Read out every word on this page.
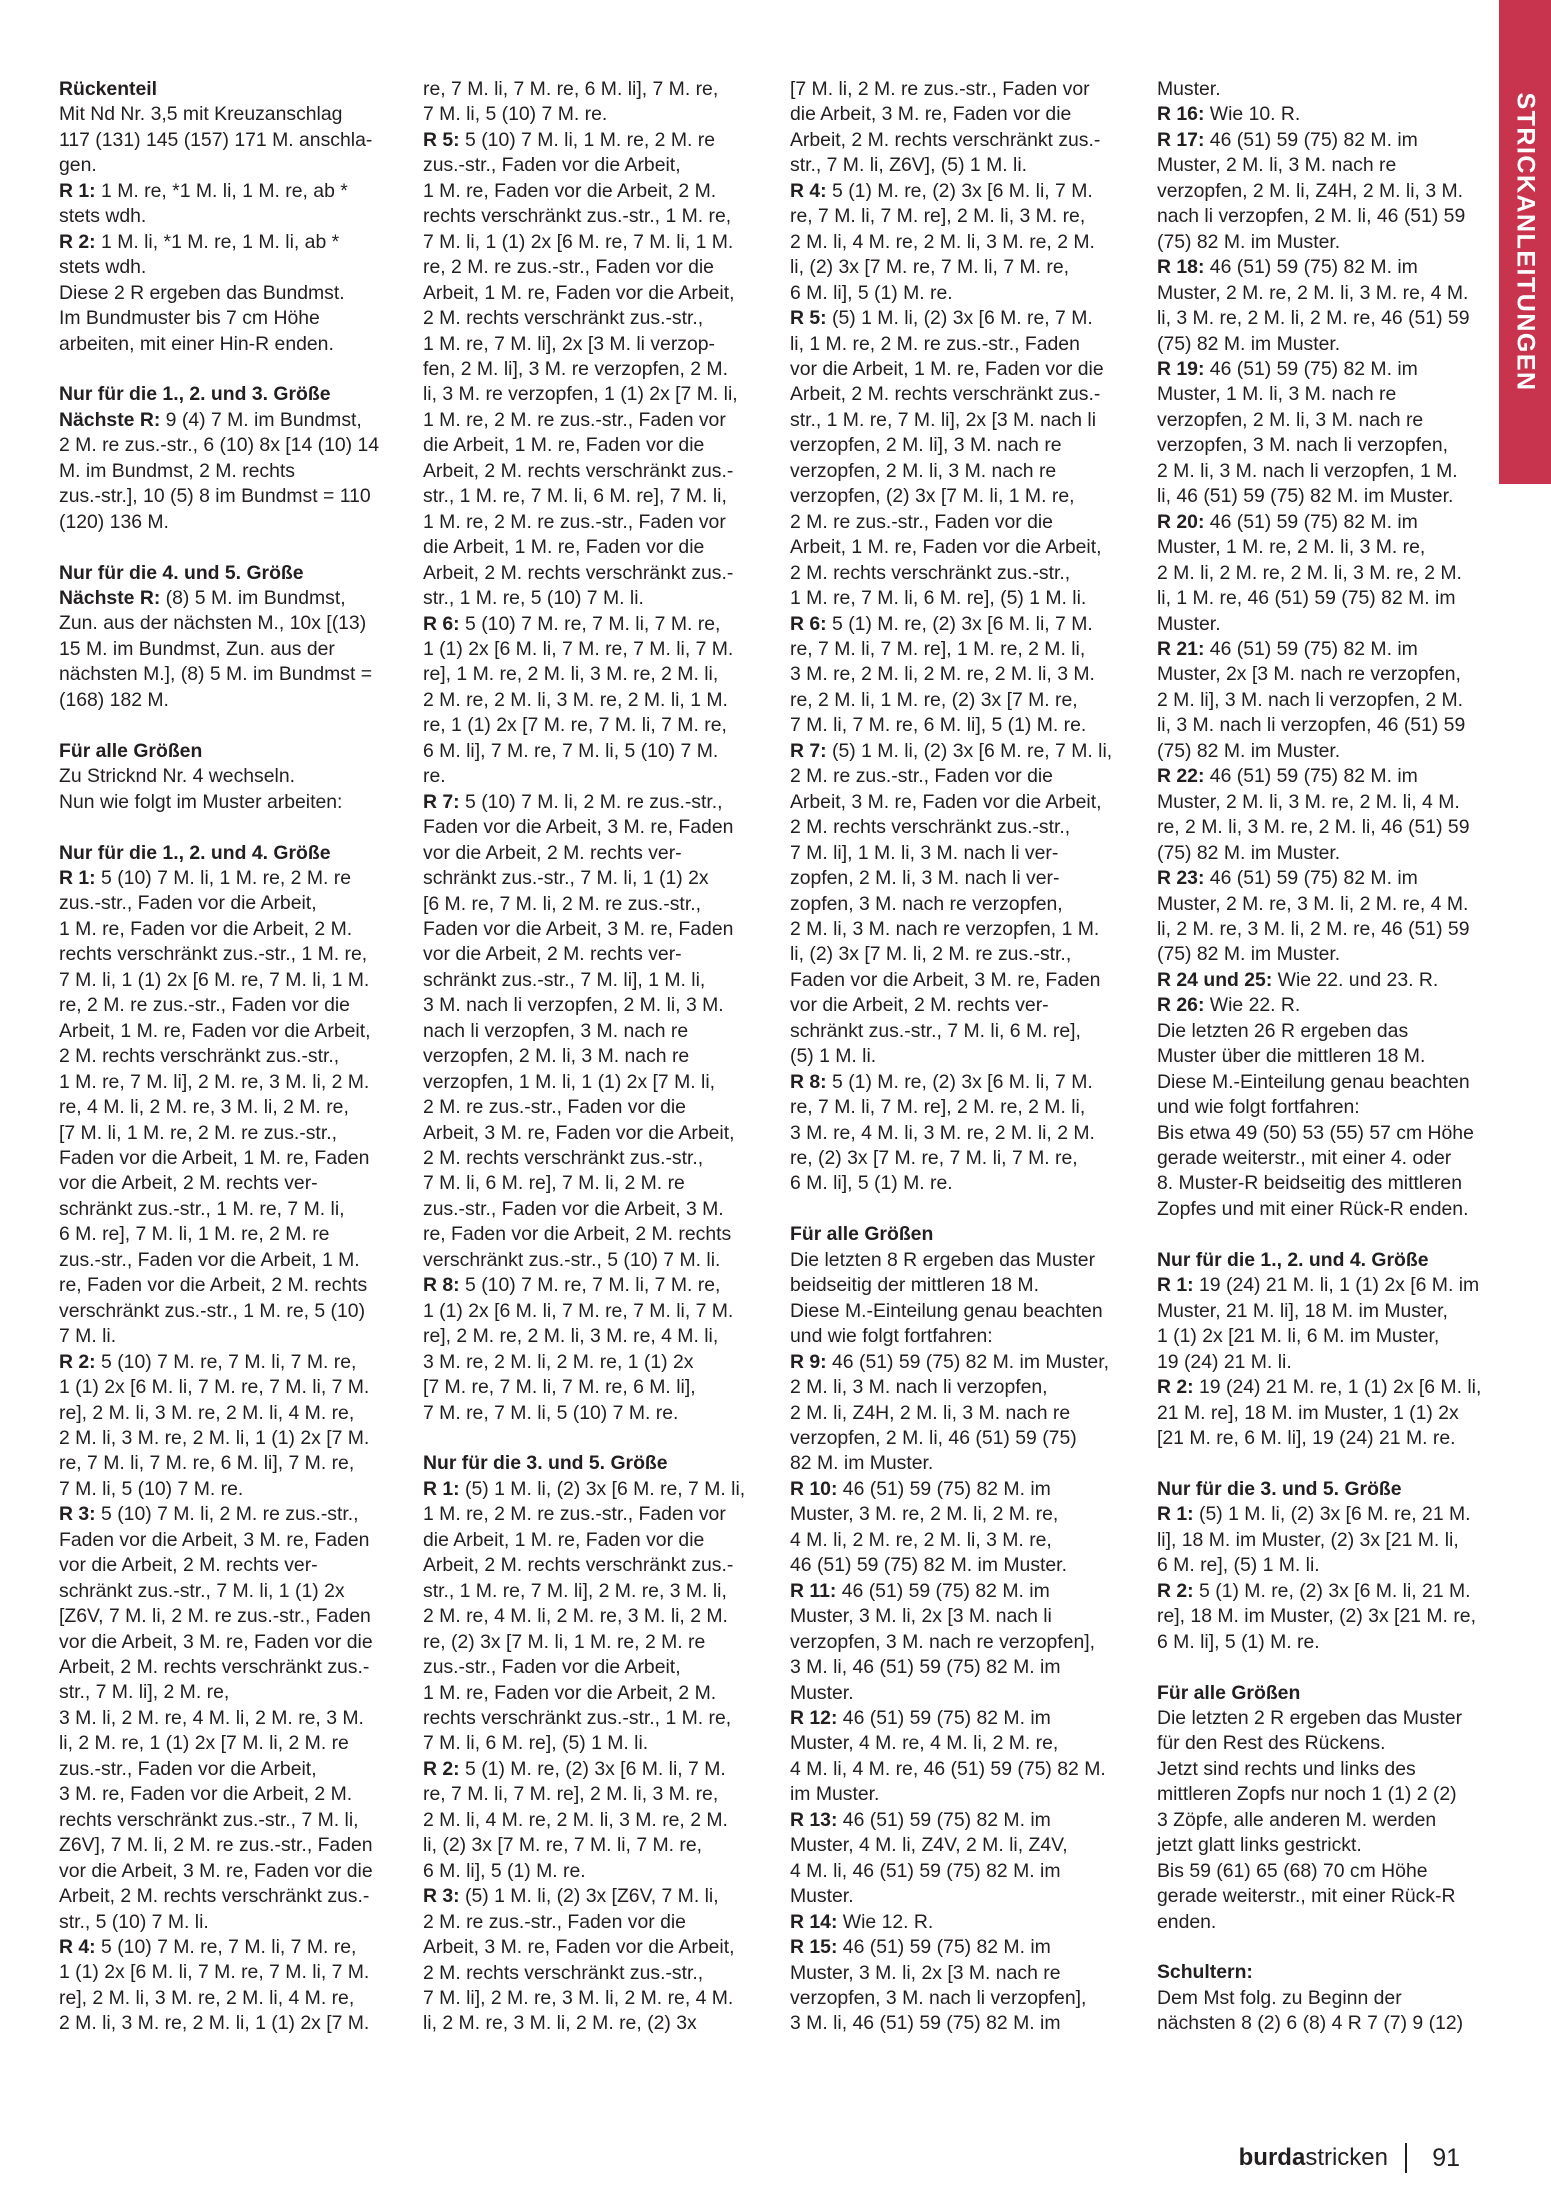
STRICKANLEITUNGEN

Rückenteil

Mit Nd Nr. 3,5 mit Kreuzanschlag

117 (131) 145 (157) 171 M. anschla-

gen.

R 1: 1 M. re, *1 M. li, 1 M. re, ab *

stets wdh.

R 2: 1 M. li, *1 M. re, 1 M. li, ab *

stets wdh.

Diese 2 R ergeben das Bundmst.

Im Bundmuster bis 7 cm Höhe

arbeiten, mit einer Hin-R enden.

Nur für die 1., 2. und 3. Größe

Nächste R: 9 (4) 7 M. im Bundmst,

2 M. re zus.-str., 6 (10) 8x [14 (10) 14

M. im Bundmst, 2 M. rechts

zus.-str.], 10 (5) 8 im Bundmst = 110

(120) 136 M.

Nur für die 4. und 5. Größe

Nächste R: (8) 5 M. im Bundmst,

Zun. aus der nächsten M., 10x [(13)

15 M. im Bundmst, Zun. aus der

nächsten M.], (8) 5 M. im Bundmst =

(168) 182 M.

Für alle Größen

Zu Stricknd Nr. 4 wechseln.

Nun wie folgt im Muster arbeiten:

Nur für die 1., 2. und 4. Größe

R 1: 5 (10) 7 M. li, 1 M. re, 2 M. re

zus.-str., Faden vor die Arbeit,

1 M. re, Faden vor die Arbeit, 2 M.

rechts verschränkt zus.-str., 1 M. re,

7 M. li, 1 (1) 2x [6 M. re, 7 M. li, 1 M.

re, 2 M. re zus.-str., Faden vor die

Arbeit, 1 M. re, Faden vor die Arbeit,

2 M. rechts verschränkt zus.-str.,

1 M. re, 7 M. li], 2 M. re, 3 M. li, 2 M.

re, 4 M. li, 2 M. re, 3 M. li, 2 M. re,

[7 M. li, 1 M. re, 2 M. re zus.-str.,

Faden vor die Arbeit, 1 M. re, Faden

vor die Arbeit, 2 M. rechts ver-

schränkt zus.-str., 1 M. re, 7 M. li,

6 M. re], 7 M. li, 1 M. re, 2 M. re

zus.-str., Faden vor die Arbeit, 1 M.

re, Faden vor die Arbeit, 2 M. rechts

verschränkt zus.-str., 1 M. re, 5 (10)

7 M. li.

R 2: 5 (10) 7 M. re, 7 M. li, 7 M. re,

1 (1) 2x [6 M. li, 7 M. re, 7 M. li, 7 M.

re], 2 M. li, 3 M. re, 2 M. li, 4 M. re,

2 M. li, 3 M. re, 2 M. li, 1 (1) 2x [7 M.

re, 7 M. li, 7 M. re, 6 M. li], 7 M. re,

7 M. li, 5 (10) 7 M. re.

R 3: 5 (10) 7 M. li, 2 M. re zus.-str.,

Faden vor die Arbeit, 3 M. re, Faden

vor die Arbeit, 2 M. rechts ver-

schränkt zus.-str., 7 M. li, 1 (1) 2x

[Z6V, 7 M. li, 2 M. re zus.-str., Faden

vor die Arbeit, 3 M. re, Faden vor die

Arbeit, 2 M. rechts verschränkt zus.-

str., 7 M. li], 2 M. re,

3 M. li, 2 M. re, 4 M. li, 2 M. re, 3 M.

li, 2 M. re, 1 (1) 2x [7 M. li, 2 M. re

zus.-str., Faden vor die Arbeit,

3 M. re, Faden vor die Arbeit, 2 M.

rechts verschränkt zus.-str., 7 M. li,

Z6V], 7 M. li, 2 M. re zus.-str., Faden

vor die Arbeit, 3 M. re, Faden vor die

Arbeit, 2 M. rechts verschränkt zus.-

str., 5 (10) 7 M. li.

R 4: 5 (10) 7 M. re, 7 M. li, 7 M. re,

1 (1) 2x [6 M. li, 7 M. re, 7 M. li, 7 M.

re], 2 M. li, 3 M. re, 2 M. li, 4 M. re,

2 M. li, 3 M. re, 2 M. li, 1 (1) 2x [7 M.

re, 7 M. li, 7 M. re, 6 M. li], 7 M. re,

7 M. li, 5 (10) 7 M. re.

R 5: 5 (10) 7 M. li, 1 M. re, 2 M. re

zus.-str., Faden vor die Arbeit,

1 M. re, Faden vor die Arbeit, 2 M.

rechts verschränkt zus.-str., 1 M. re,

7 M. li, 1 (1) 2x [6 M. re, 7 M. li, 1 M.

re, 2 M. re zus.-str., Faden vor die

Arbeit, 1 M. re, Faden vor die Arbeit,

2 M. rechts verschränkt zus.-str.,

1 M. re, 7 M. li], 2x [3 M. li verzop-

fen, 2 M. li], 3 M. re verzopfen, 2 M.

li, 3 M. re verzopfen, 1 (1) 2x [7 M. li,

1 M. re, 2 M. re zus.-str., Faden vor

die Arbeit, 1 M. re, Faden vor die

Arbeit, 2 M. rechts verschränkt zus.-

str., 1 M. re, 7 M. li, 6 M. re], 7 M. li,

1 M. re, 2 M. re zus.-str., Faden vor

die Arbeit, 1 M. re, Faden vor die

Arbeit, 2 M. rechts verschränkt zus.-

str., 1 M. re, 5 (10) 7 M. li.

R 6: 5 (10) 7 M. re, 7 M. li, 7 M. re,

1 (1) 2x [6 M. li, 7 M. re, 7 M. li, 7 M.

re], 1 M. re, 2 M. li, 3 M. re, 2 M. li,

2 M. re, 2 M. li, 3 M. re, 2 M. li, 1 M.

re, 1 (1) 2x [7 M. re, 7 M. li, 7 M. re,

6 M. li], 7 M. re, 7 M. li, 5 (10) 7 M.

re.

R 7: 5 (10) 7 M. li, 2 M. re zus.-str.,

Faden vor die Arbeit, 3 M. re, Faden

vor die Arbeit, 2 M. rechts ver-

schränkt zus.-str., 7 M. li, 1 (1) 2x

[6 M. re, 7 M. li, 2 M. re zus.-str.,

Faden vor die Arbeit, 3 M. re, Faden

vor die Arbeit, 2 M. rechts ver-

schränkt zus.-str., 7 M. li], 1 M. li,

3 M. nach li verzopfen, 2 M. li, 3 M.

nach li verzopfen, 3 M. nach re

verzopfen, 2 M. li, 3 M. nach re

verzopfen, 1 M. li, 1 (1) 2x [7 M. li,

2 M. re zus.-str., Faden vor die

Arbeit, 3 M. re, Faden vor die Arbeit,

2 M. rechts verschränkt zus.-str.,

7 M. li, 6 M. re], 7 M. li, 2 M. re

zus.-str., Faden vor die Arbeit, 3 M.

re, Faden vor die Arbeit, 2 M. rechts

verschränkt zus.-str., 5 (10) 7 M. li.

R 8: 5 (10) 7 M. re, 7 M. li, 7 M. re,

1 (1) 2x [6 M. li, 7 M. re, 7 M. li, 7 M.

re], 2 M. re, 2 M. li, 3 M. re, 4 M. li,

3 M. re, 2 M. li, 2 M. re, 1 (1) 2x

[7 M. re, 7 M. li, 7 M. re, 6 M. li],

7 M. re, 7 M. li, 5 (10) 7 M. re.

Nur für die 3. und 5. Größe

R 1: (5) 1 M. li, (2) 3x [6 M. re, 7 M. li,

1 M. re, 2 M. re zus.-str., Faden vor

die Arbeit, 1 M. re, Faden vor die

Arbeit, 2 M. rechts verschränkt zus.-

str., 1 M. re, 7 M. li], 2 M. re, 3 M. li,

2 M. re, 4 M. li, 2 M. re, 3 M. li, 2 M.

re, (2) 3x [7 M. li, 1 M. re, 2 M. re

zus.-str., Faden vor die Arbeit,

1 M. re, Faden vor die Arbeit, 2 M.

rechts verschränkt zus.-str., 1 M. re,

7 M. li, 6 M. re], (5) 1 M. li.

R 2: 5 (1) M. re, (2) 3x [6 M. li, 7 M.

re, 7 M. li, 7 M. re], 2 M. li, 3 M. re,

2 M. li, 4 M. re, 2 M. li, 3 M. re, 2 M.

li, (2) 3x [7 M. re, 7 M. li, 7 M. re,

6 M. li], 5 (1) M. re.

R 3: (5) 1 M. li, (2) 3x [Z6V, 7 M. li,

2 M. re zus.-str., Faden vor die

Arbeit, 3 M. re, Faden vor die Arbeit,

2 M. rechts verschränkt zus.-str.,

7 M. li], 2 M. re, 3 M. li, 2 M. re, 4 M.

li, 2 M. re, 3 M. li, 2 M. re, (2) 3x

[7 M. li, 2 M. re zus.-str., Faden vor

die Arbeit, 3 M. re, Faden vor die

Arbeit, 2 M. rechts verschränkt zus.-

str., 7 M. li, Z6V], (5) 1 M. li.

R 4: 5 (1) M. re, (2) 3x [6 M. li, 7 M.

re, 7 M. li, 7 M. re], 2 M. li, 3 M. re,

2 M. li, 4 M. re, 2 M. li, 3 M. re, 2 M.

li, (2) 3x [7 M. re, 7 M. li, 7 M. re,

6 M. li], 5 (1) M. re.

R 5: (5) 1 M. li, (2) 3x [6 M. re, 7 M.

li, 1 M. re, 2 M. re zus.-str., Faden

vor die Arbeit, 1 M. re, Faden vor die

Arbeit, 2 M. rechts verschränkt zus.-

str., 1 M. re, 7 M. li], 2x [3 M. nach li

verzopfen, 2 M. li], 3 M. nach re

verzopfen, 2 M. li, 3 M. nach re

verzopfen, (2) 3x [7 M. li, 1 M. re,

2 M. re zus.-str., Faden vor die

Arbeit, 1 M. re, Faden vor die Arbeit,

2 M. rechts verschränkt zus.-str.,

1 M. re, 7 M. li, 6 M. re], (5) 1 M. li.

R 6: 5 (1) M. re, (2) 3x [6 M. li, 7 M.

re, 7 M. li, 7 M. re], 1 M. re, 2 M. li,

3 M. re, 2 M. li, 2 M. re, 2 M. li, 3 M.

re, 2 M. li, 1 M. re, (2) 3x [7 M. re,

7 M. li, 7 M. re, 6 M. li], 5 (1) M. re.

R 7: (5) 1 M. li, (2) 3x [6 M. re, 7 M. li,

2 M. re zus.-str., Faden vor die

Arbeit, 3 M. re, Faden vor die Arbeit,

2 M. rechts verschränkt zus.-str.,

7 M. li], 1 M. li, 3 M. nach li ver-

zopfen, 2 M. li, 3 M. nach li ver-

zopfen, 3 M. nach re verzopfen,

2 M. li, 3 M. nach re verzopfen, 1 M.

li, (2) 3x [7 M. li, 2 M. re zus.-str.,

Faden vor die Arbeit, 3 M. re, Faden

vor die Arbeit, 2 M. rechts ver-

schränkt zus.-str., 7 M. li, 6 M. re],

(5) 1 M. li.

R 8: 5 (1) M. re, (2) 3x [6 M. li, 7 M.

re, 7 M. li, 7 M. re], 2 M. re, 2 M. li,

3 M. re, 4 M. li, 3 M. re, 2 M. li, 2 M.

re, (2) 3x [7 M. re, 7 M. li, 7 M. re,

6 M. li], 5 (1) M. re.

Für alle Größen

Die letzten 8 R ergeben das Muster

beidseitig der mittleren 18 M.

Diese M.-Einteilung genau beachten

und wie folgt fortfahren:

R 9: 46 (51) 59 (75) 82 M. im Muster,

2 M. li, 3 M. nach li verzopfen,

2 M. li, Z4H, 2 M. li, 3 M. nach re

verzopfen, 2 M. li, 46 (51) 59 (75)

82 M. im Muster.

R 10: 46 (51) 59 (75) 82 M. im

Muster, 3 M. re, 2 M. li, 2 M. re,

4 M. li, 2 M. re, 2 M. li, 3 M. re,

46 (51) 59 (75) 82 M. im Muster.

R 11: 46 (51) 59 (75) 82 M. im

Muster, 3 M. li, 2x [3 M. nach li

verzopfen, 3 M. nach re verzopfen],

3 M. li, 46 (51) 59 (75) 82 M. im

Muster.

R 12: 46 (51) 59 (75) 82 M. im

Muster, 4 M. re, 4 M. li, 2 M. re,

4 M. li, 4 M. re, 46 (51) 59 (75) 82 M.

im Muster.

R 13: 46 (51) 59 (75) 82 M. im

Muster, 4 M. li, Z4V, 2 M. li, Z4V,

4 M. li, 46 (51) 59 (75) 82 M. im

Muster.

R 14: Wie 12. R.

R 15: 46 (51) 59 (75) 82 M. im

Muster, 3 M. li, 2x [3 M. nach re

verzopfen, 3 M. nach li verzopfen],

3 M. li, 46 (51) 59 (75) 82 M. im

Muster.

R 16: Wie 10. R.

R 17: 46 (51) 59 (75) 82 M. im

Muster, 2 M. li, 3 M. nach re

verzopfen, 2 M. li, Z4H, 2 M. li, 3 M.

nach li verzopfen, 2 M. li, 46 (51) 59

(75) 82 M. im Muster.

R 18: 46 (51) 59 (75) 82 M. im

Muster, 2 M. re, 2 M. li, 3 M. re, 4 M.

li, 3 M. re, 2 M. li, 2 M. re, 46 (51) 59

(75) 82 M. im Muster.

R 19: 46 (51) 59 (75) 82 M. im

Muster, 1 M. li, 3 M. nach re

verzopfen, 2 M. li, 3 M. nach re

verzopfen, 3 M. nach li verzopfen,

2 M. li, 3 M. nach li verzopfen, 1 M.

li, 46 (51) 59 (75) 82 M. im Muster.

R 20: 46 (51) 59 (75) 82 M. im

Muster, 1 M. re, 2 M. li, 3 M. re,

2 M. li, 2 M. re, 2 M. li, 3 M. re, 2 M.

li, 1 M. re, 46 (51) 59 (75) 82 M. im

Muster.

R 21: 46 (51) 59 (75) 82 M. im

Muster, 2x [3 M. nach re verzopfen,

2 M. li], 3 M. nach li verzopfen, 2 M.

li, 3 M. nach li verzopfen, 46 (51) 59

(75) 82 M. im Muster.

R 22: 46 (51) 59 (75) 82 M. im

Muster, 2 M. li, 3 M. re, 2 M. li, 4 M.

re, 2 M. li, 3 M. re, 2 M. li, 46 (51) 59

(75) 82 M. im Muster.

R 23: 46 (51) 59 (75) 82 M. im

Muster, 2 M. re, 3 M. li, 2 M. re, 4 M.

li, 2 M. re, 3 M. li, 2 M. re, 46 (51) 59

(75) 82 M. im Muster.

R 24 und 25: Wie 22. und 23. R.

R 26: Wie 22. R.

Die letzten 26 R ergeben das

Muster über die mittleren 18 M.

Diese M.-Einteilung genau beachten

und wie folgt fortfahren:

Bis etwa 49 (50) 53 (55) 57 cm Höhe

gerade weiterstr., mit einer 4. oder

8. Muster-R beidseitig des mittleren

Zopfes und mit einer Rück-R enden.

Nur für die 1., 2. und 4. Größe

R 1: 19 (24) 21 M. li, 1 (1) 2x [6 M. im

Muster, 21 M. li], 18 M. im Muster,

1 (1) 2x [21 M. li, 6 M. im Muster,

19 (24) 21 M. li.

R 2: 19 (24) 21 M. re, 1 (1) 2x [6 M. li,

21 M. re], 18 M. im Muster, 1 (1) 2x

[21 M. re, 6 M. li], 19 (24) 21 M. re.

Nur für die 3. und 5. Größe

R 1: (5) 1 M. li, (2) 3x [6 M. re, 21 M.

li], 18 M. im Muster, (2) 3x [21 M. li,

6 M. re], (5) 1 M. li.

R 2: 5 (1) M. re, (2) 3x [6 M. li, 21 M.

re], 18 M. im Muster, (2) 3x [21 M. re,

6 M. li], 5 (1) M. re.

Für alle Größen

Die letzten 2 R ergeben das Muster

für den Rest des Rückens.

Jetzt sind rechts und links des

mittleren Zopfs nur noch 1 (1) 2 (2)

3 Zöpfe, alle anderen M. werden

jetzt glatt links gestrickt.

Bis 59 (61) 65 (68) 70 cm Höhe

gerade weiterstr., mit einer Rück-R

enden.

Schultern:

Dem Mst folg. zu Beginn der

nächsten 8 (2) 6 (8) 4 R 7 (7) 9 (12)

burdastricken 91
